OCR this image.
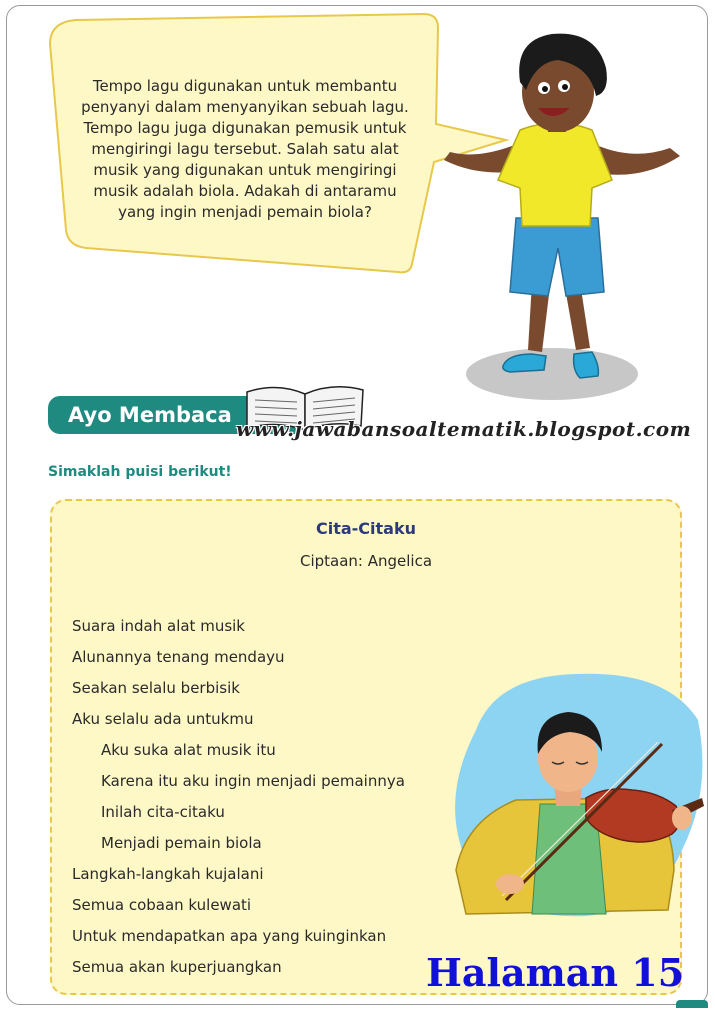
Tempo lagu digunakan untuk membantu
penyanyi dalam menyanyikan sebuah lagu.
Tempo lagu juga digunakan pemusik untuk
mengiringi lagu tersebut. Salah satu alat
musik yang digunakan untuk mengiringi
musik adalah biola. Adakah di antaramu
yang ingin menjadi pemain biola?
Ayo Membaca
www.jawabansoaltematik.blogspot.com
Simaklah puisi berikut!
Cita-Citaku
Ciptaan: Angelica
Suara indah alat musik
Alunannya tenang mendayu
Seakan selalu berbisik
Aku selalu ada untukmu
Aku suka alat musik itu
Karena itu aku ingin menjadi pemainnya
Inilah cita-citaku
Menjadi pemain biola
Langkah-langkah kujalani
Semua cobaan kulewati
Untuk mendapatkan apa yang kuinginkan
Semua akan kuperjuangkan	Halaman 15
